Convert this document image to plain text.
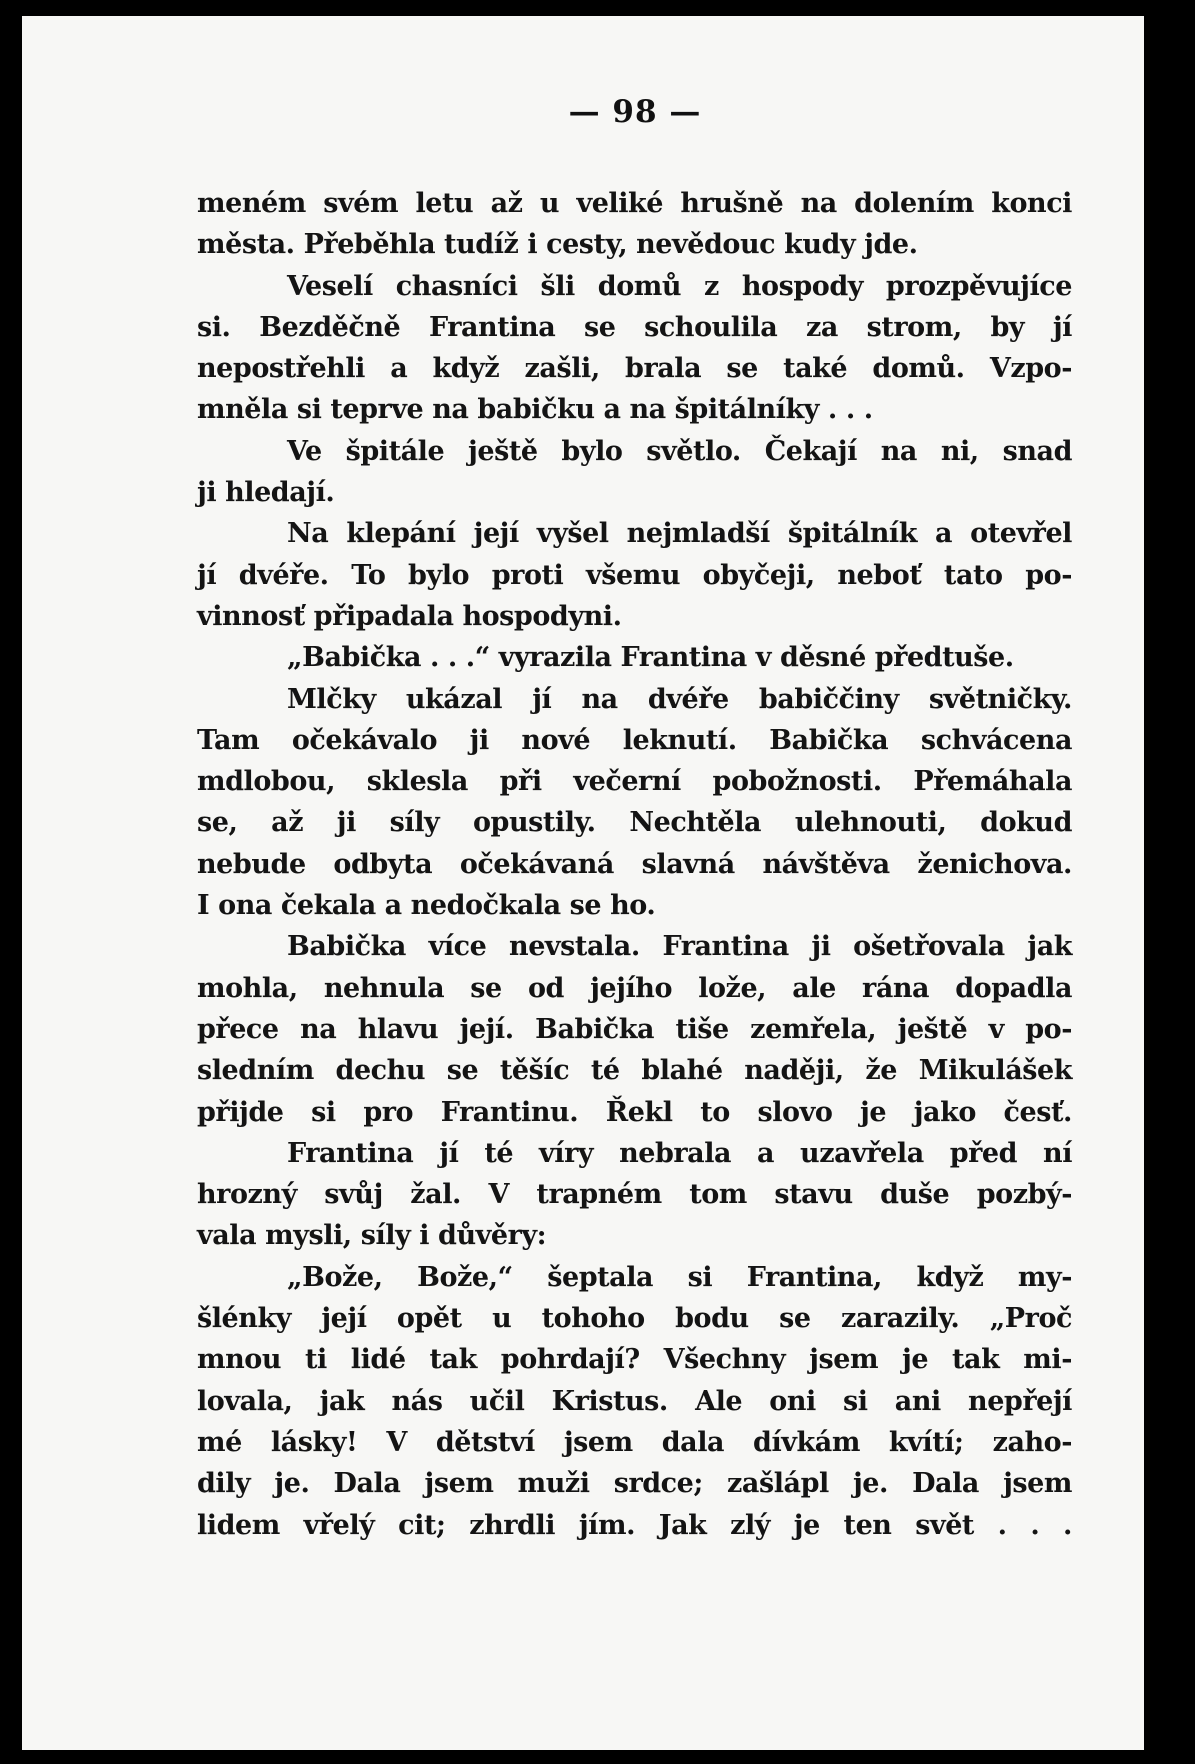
— 98 —
meném svém letu až u veliké hrušně na dolením konci
města. Přeběhla tudíž i cesty, nevědouc kudy jde.
Veselí chasníci šli domů z hospody prozpěvujíce
si. Bezděčně Frantina se schoulila za strom, by jí
nepostřehli a když zašli, brala se také domů. Vzpo-
mněla si teprve na babičku a na špitálníky . . .
Ve špitále ještě bylo světlo. Čekají na ni, snad
ji hledají.
Na klepání její vyšel nejmladší špitálník a otevřel
jí dvéře. To bylo proti všemu obyčeji, neboť tato po-
vinnosť připadala hospodyni.
„Babička . . .“ vyrazila Frantina v děsné předtuše.
Mlčky ukázal jí na dvéře babiččiny světničky.
Tam očekávalo ji nové leknutí. Babička schvácena
mdlobou, sklesla při večerní pobožnosti. Přemáhala
se, až ji síly opustily. Nechtěla ulehnouti, dokud
nebude odbyta očekávaná slavná návštěva ženichova.
I ona čekala a nedočkala se ho.
Babička více nevstala. Frantina ji ošetřovala jak
mohla, nehnula se od jejího lože, ale rána dopadla
přece na hlavu její. Babička tiše zemřela, ještě v po-
sledním dechu se těšíc té blahé naději, že Mikulášek
přijde si pro Frantinu. Řekl to slovo je jako česť.
Frantina jí té víry nebrala a uzavřela před ní
hrozný svůj žal. V trapném tom stavu duše pozbý-
vala mysli, síly i důvěry:
„Bože, Bože,“ šeptala si Frantina, když my-
šlénky její opět u tohoho bodu se zarazily. „Proč
mnou ti lidé tak pohrdají? Všechny jsem je tak mi-
lovala, jak nás učil Kristus. Ale oni si ani nepřejí
mé lásky! V dětství jsem dala dívkám kvítí; zaho-
dily je. Dala jsem muži srdce; zašlápl je. Dala jsem
lidem vřelý cit; zhrdli jím. Jak zlý je ten svět . . .
